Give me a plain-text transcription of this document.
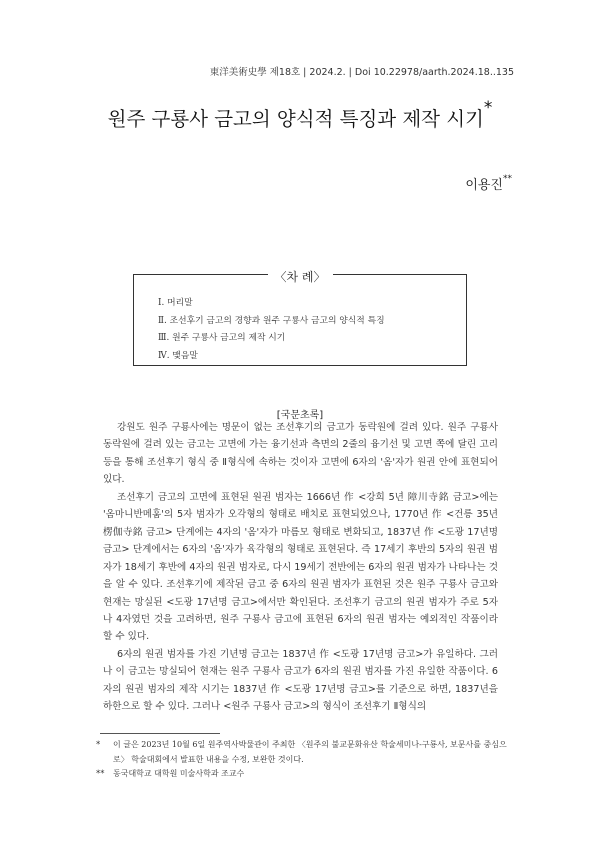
東洋美術史學 제18호 | 2024.2. | Doi 10.22978/aarth.2024.18..135
원주 구룡사 금고의 양식적 특징과 제작 시기*
이용진**
〈차 례〉
Ⅰ. 머리말
Ⅱ. 조선후기 금고의 경향과 원주 구룡사 금고의 양식적 특징
Ⅲ. 원주 구룡사 금고의 제작 시기
Ⅳ. 맺음말
[국문초록]

강원도 원주 구룡사에는 명문이 없는 조선후기의 금고가 동락원에 걸려 있다. 원주 구룡사 동락원에 걸려 있는 금고는 고면에 가는 융기선과 측면의 2줄의 융기선 및 고면 쪽에 달린 고리 등을 통해 조선후기 형식 중 Ⅱ형식에 속하는 것이자 고면에 6자의 '옴'자가 원권 안에 표현되어 있다.

조선후기 금고의 고면에 표현된 원권 범자는 1666년 作 <강희 5년 障川寺銘 금고>에는 '옴마니반메훔'의 5자 범자가 오각형의 형태로 배치로 표현되었으나, 1770년 作 <건릉 35년 楞伽寺銘 금고> 단계에는 4자의 '옴'자가 마름모 형태로 변화되고, 1837년 作 <도광 17년명 금고> 단계에서는 6자의 '옴'자가 육각형의 형태로 표현된다. 즉 17세기 후반의 5자의 원권 범자가 18세기 후반에 4자의 원권 범자로, 다시 19세기 전반에는 6자의 원권 범자가 나타나는 것을 알 수 있다. 조선후기에 제작된 금고 중 6자의 원권 범자가 표현된 것은 원주 구룡사 금고와 현재는 망실된 <도광 17년명 금고>에서만 확인된다. 조선후기 금고의 원권 범자가 주로 5자나 4자였던 것을 고려하면, 원주 구룡사 금고에 표현된 6자의 원권 범자는 예외적인 작품이라 할 수 있다.

6자의 원권 범자를 가진 기년명 금고는 1837년 作 <도광 17년명 금고>가 유일하다. 그러나 이 금고는 망실되어 현재는 원주 구룡사 금고가 6자의 원권 범자를 가진 유일한 작품이다. 6자의 원권 범자의 제작 시기는 1837년 作 <도광 17년명 금고>를 기준으로 하면, 1837년을 하한으로 할 수 있다. 그러나 <원주 구룡사 금고>의 형식이 조선후기 Ⅱ형식의

*	이 글은 2023년 10월 6일 원주역사박물관이 주최한 〈원주의 불교문화유산 학술세미나-구룡사, 보문사를 중심으로〉 학술대회에서 발표한 내용을 수정, 보완한 것이다.
**	동국대학교 대학원 미술사학과 조교수
